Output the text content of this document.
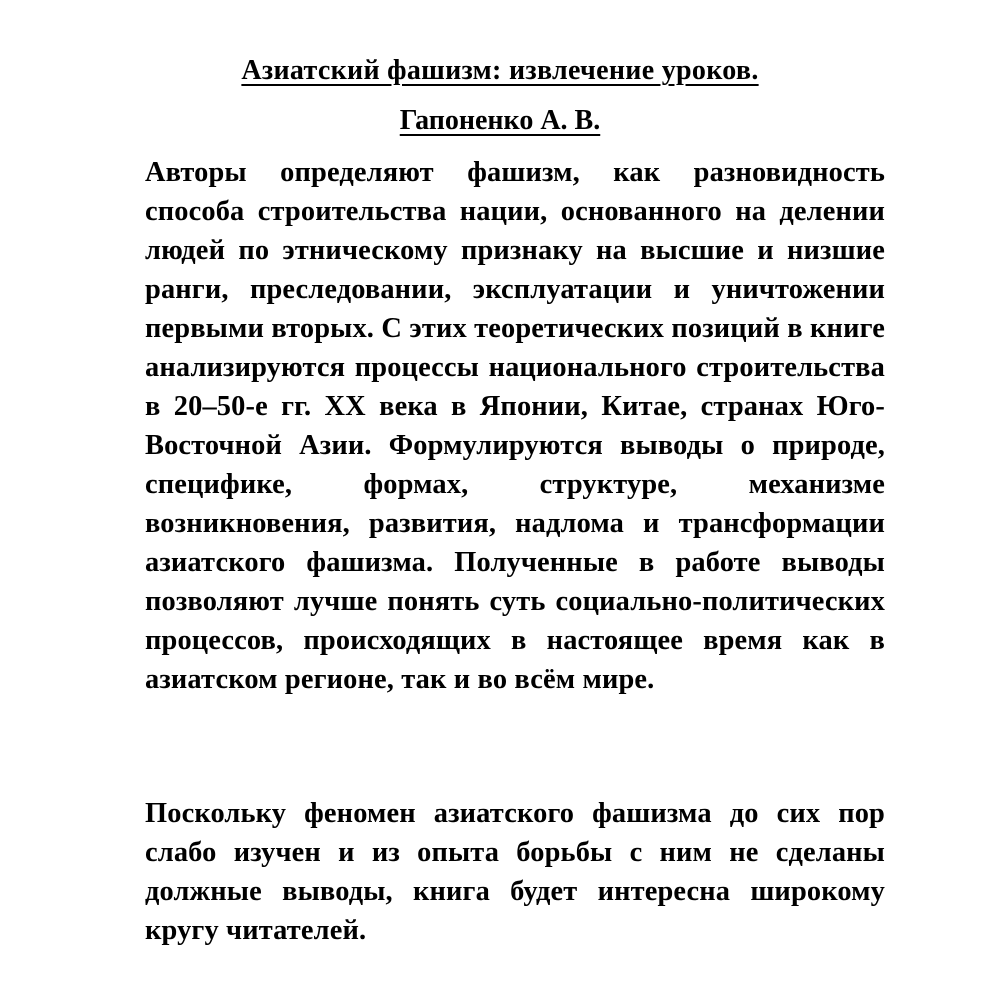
Азиатский фашизм: извлечение уроков.
Гапоненко А. В.

Авторы определяют фашизм, как разновидность способа строительства нации, основанного на делении людей по этническому признаку на высшие и низшие ранги, преследовании, эксплуатации и уничтожении первыми вторых. С этих теоретических позиций в книге анализируются процессы национального строительства в 20–50-е гг. XX века в Японии, Китае, странах Юго-Восточной Азии. Формулируются выводы о природе, специфике, формах, структуре, механизме возникновения, развития, надлома и трансформации азиатского фашизма. Полученные в работе выводы позволяют лучше понять суть социально-политических процессов, происходящих в настоящее время как в азиатском регионе, так и во всём мире.

Поскольку феномен азиатского фашизма до сих пор слабо изучен и из опыта борьбы с ним не сделаны должные выводы, книга будет интересна широкому кругу читателей.
